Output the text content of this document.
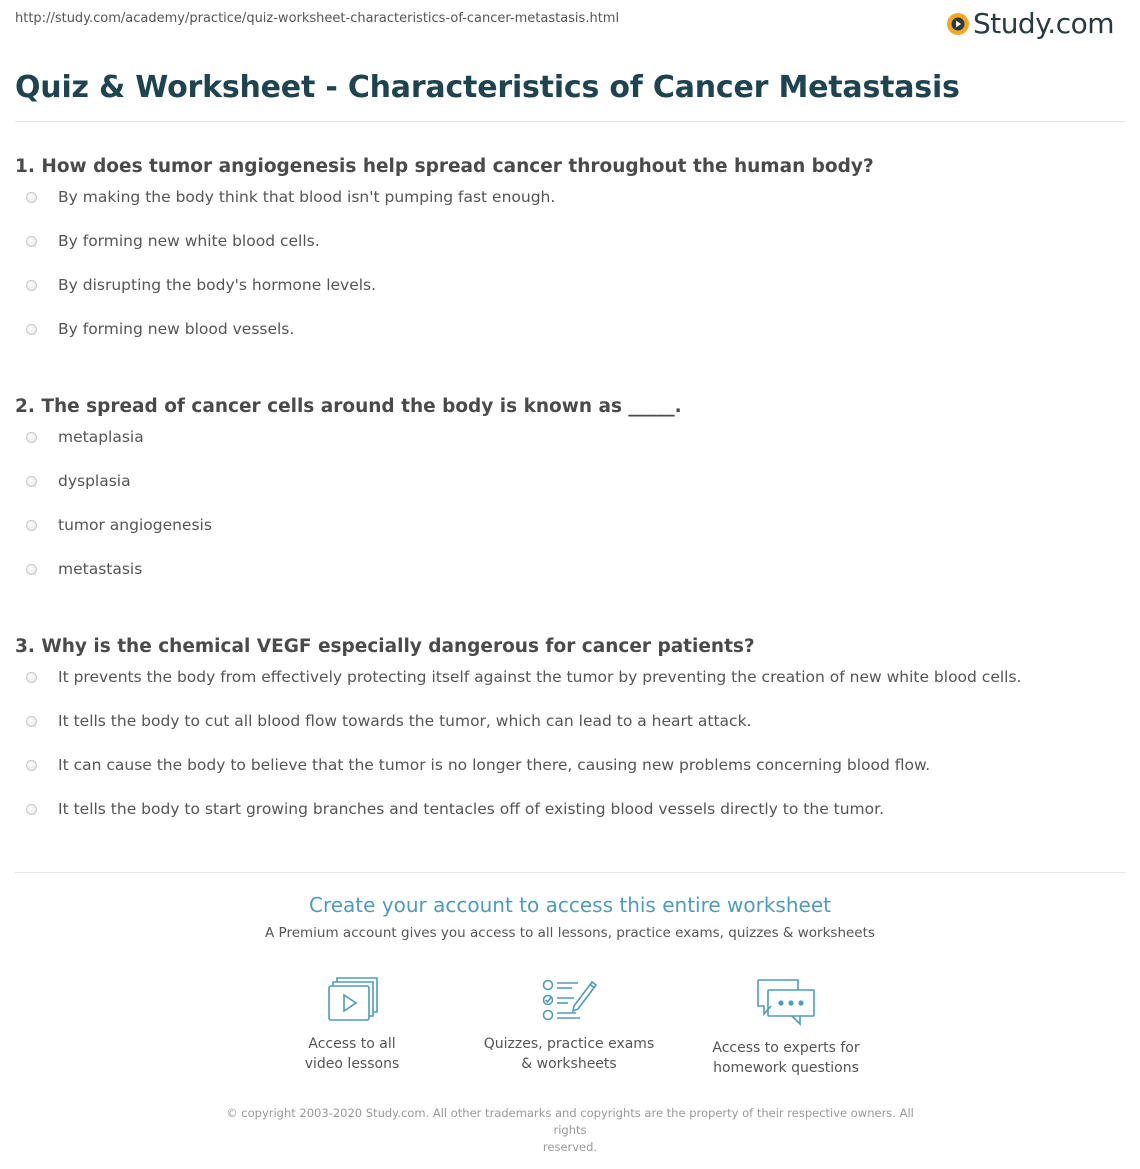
http://study.com/academy/practice/quiz-worksheet-characteristics-of-cancer-metastasis.html	Study.com
Quiz & Worksheet - Characteristics of Cancer Metastasis
1. How does tumor angiogenesis help spread cancer throughout the human body?
By making the body think that blood isn't pumping fast enough.
By forming new white blood cells.
By disrupting the body's hormone levels.
By forming new blood vessels.
2. The spread of cancer cells around the body is known as _____.
metaplasia
dysplasia
tumor angiogenesis
metastasis
3. Why is the chemical VEGF especially dangerous for cancer patients?
It prevents the body from effectively protecting itself against the tumor by preventing the creation of new white blood cells.
It tells the body to cut all blood flow towards the tumor, which can lead to a heart attack.
It can cause the body to believe that the tumor is no longer there, causing new problems concerning blood flow.
It tells the body to start growing branches and tentacles off of existing blood vessels directly to the tumor.
Create your account to access this entire worksheet
A Premium account gives you access to all lessons, practice exams, quizzes & worksheets
Access to all
video lessons
Quizzes, practice exams
& worksheets
Access to experts for
homework questions
© copyright 2003-2020 Study.com. All other trademarks and copyrights are the property of their respective owners. All rights
reserved.
